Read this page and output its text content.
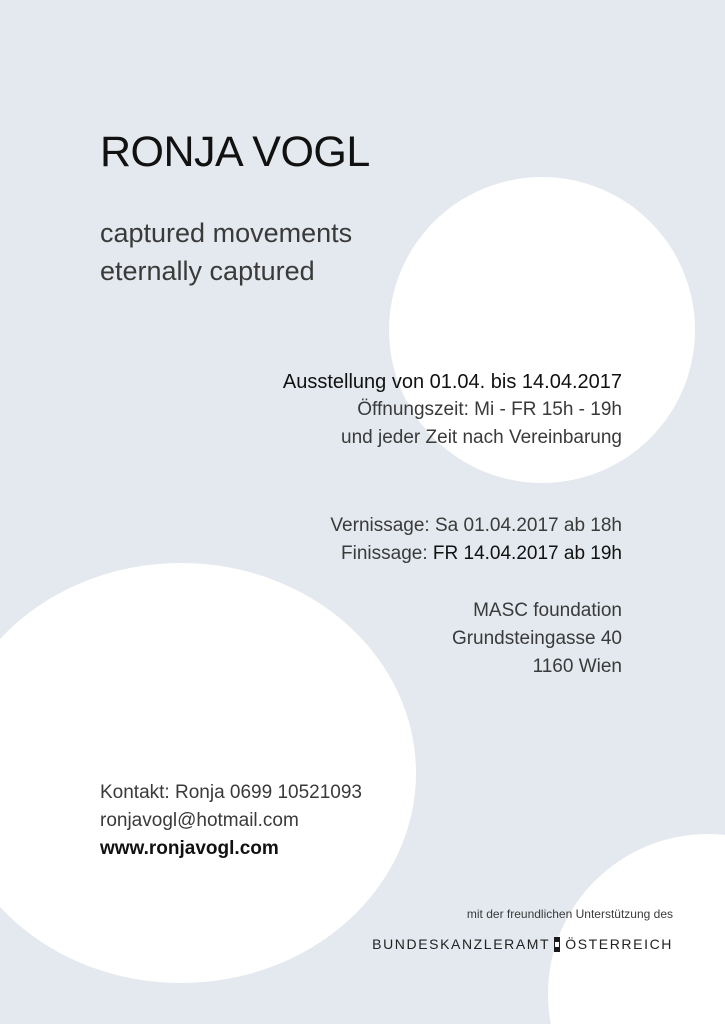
RONJA VOGL
captured movements
eternally captured
Ausstellung von 01.04. bis 14.04.2017
Öffnungszeit: Mi - FR 15h - 19h
und jeder Zeit nach Vereinbarung
Vernissage: Sa 01.04.2017 ab 18h
Finissage: FR 14.04.2017 ab 19h
MASC foundation
Grundsteingasse 40
1160 Wien
Kontakt: Ronja 0699 10521093
ronjavogl@hotmail.com
www.ronjavogl.com
mit der freundlichen Unterstützung des
BUNDESKANZLERAMT ÖSTERREICH
